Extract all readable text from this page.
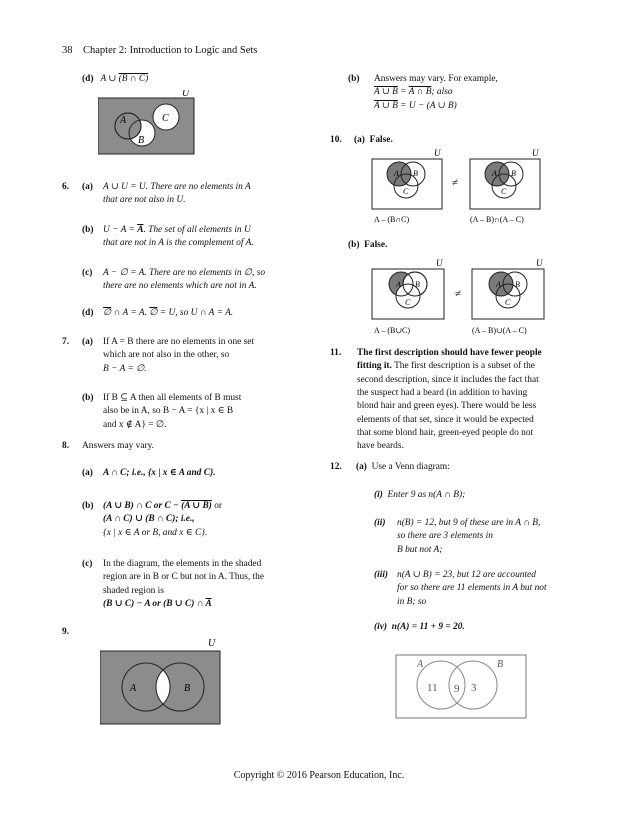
38 Chapter 2: Introduction to Logic and Sets
(d) A ∪ (B ∩ C)
U
A
B
C
6. (a) A ∪ U = U. There are no elements in A
that are not also in U.
(b) $U - A = \overline{A}$. The set of all elements in U
that are not in A is the complement of A.
(c) A − ∅ = A. There are no elements in ∅, so
there are no elements which are not in A.
(d) ∅ ∩ A = A. ∅ = U, so U ∩ A = A.
7. (a) If A = B there are no elements in one set
which are not also in the other, so
B − A = ∅.
(b) If B ⊆ A then all elements of B must
also be in A, so B − A = {x | x ∈ B
and x ∉ A} = ∅.
8. Answers may vary.
(a) A ∩ C; i.e., {x | x ∈ A and C}.
(b) (A ∪ B) ∩ C or C − (A ∪ B) or
(A ∩ C) ∪ (B ∩ C); i.e.,
{x | x ∈ A or B, and x ∈ C}.
(c) In the diagram, the elements in the shaded
region are in B or C but not in A. Thus, the
shaded region is
(B ∪ C) − A or (B ∪ C) ∩ $\overline{A}$
9.
U
A	B
(b) Answers may vary. For example,
A ∪ B = A ∩ B; also
A ∪ B = U − (A ∪ B)
10. (a) False.
U	U
A B
C
A B
C
≠
A – (B∩C)	(A – B)∩(A – C)
(b) False.
U	U
A B
C
A B
C
≠
A – (B∪C)	(A – B)∪(A – C)
11. The first description should have fewer people
fitting it. The first description is a subset of the
second description, since it includes the fact that
the suspect had a beard (in addition to having
blond hair and green eyes). There would be less
elements of that set, since it would be expected
that some blond hair, green-eyed people do not
have beards.
12. (a) Use a Venn diagram:
(i) Enter 9 as n(A ∩ B);
(ii) n(B) = 12, but 9 of these are in A ∩ B,
so there are 3 elements in
B but not A;
(iii) n(A ∪ B) = 23, but 12 are accounted
for so there are 11 elements in A but not
in B; so
(iv) n(A) = 11 + 9 = 20.
A	B
11 9 3
Copyright © 2016 Pearson Education, Inc.
